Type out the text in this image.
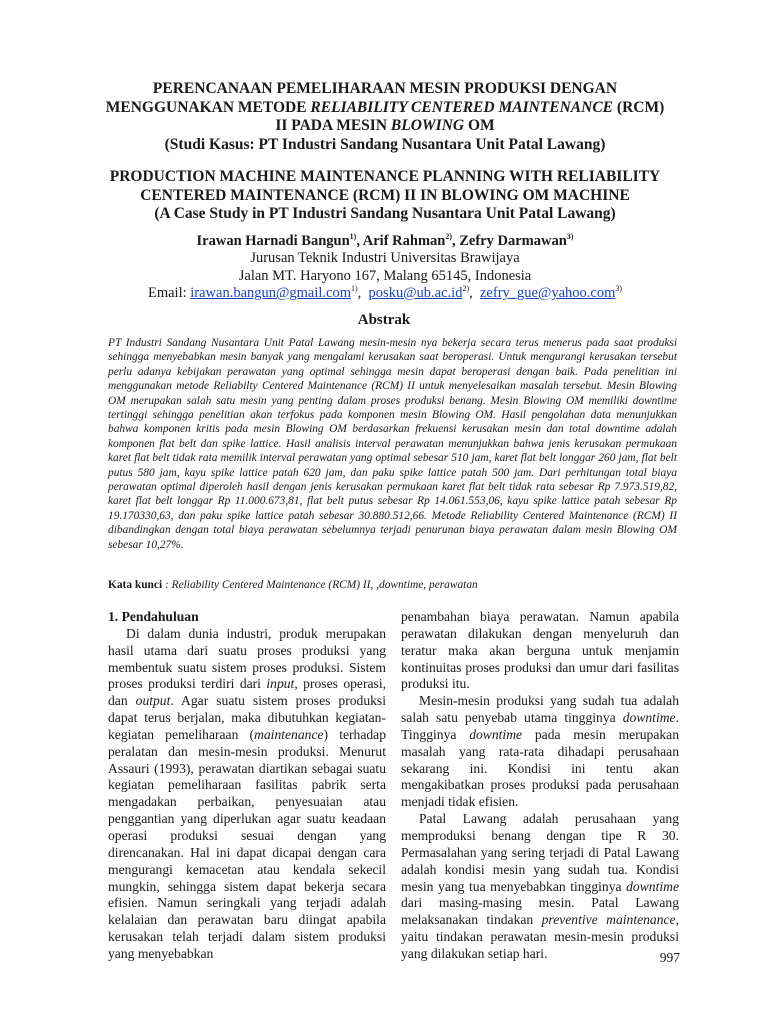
PERENCANAAN PEMELIHARAAN MESIN PRODUKSI DENGAN
MENGGUNAKAN METODE RELIABILITY CENTERED MAINTENANCE (RCM)
II PADA MESIN BLOWING OM
(Studi Kasus: PT Industri Sandang Nusantara Unit Patal Lawang)
PRODUCTION MACHINE MAINTENANCE PLANNING WITH RELIABILITY
CENTERED MAINTENANCE (RCM) II IN BLOWING OM MACHINE
(A Case Study in PT Industri Sandang Nusantara Unit Patal Lawang)
Irawan Harnadi Bangun$^{1)}$, Arif Rahman$^{2)}$, Zefry Darmawan$^{3)}$
Jurusan Teknik Industri Universitas Brawijaya
Jalan MT. Haryono 167, Malang 65145, Indonesia
Email: irawan.bangun@gmail.com$^{1)}$,  $posku@ub.ac.id^{2)}$,  zefry_gue@yahoo.com$^{3)}$
Abstrak

PT Industri Sandang Nusantara Unit Patal Lawang mesin-mesin nya bekerja secara terus menerus pada saat produksi sehingga menyebabkan mesin banyak yang mengalami kerusakan saat beroperasi. Untuk mengurangi kerusakan tersebut perlu adanya kebijakan perawatan yang optimal sehingga mesin dapat beroperasi dengan baik. Pada penelitian ini menggunakan metode Reliabilty Centered Maintenance (RCM) II untuk menyelesaikan masalah tersebut. Mesin Blowing OM merupakan salah satu mesin yang penting dalam proses produksi benang. Mesin Blowing OM memiliki downtime tertinggi sehingga penelitian akan terfokus pada komponen mesin Blowing OM. Hasil pengolahan data menunjukkan bahwa komponen kritis pada mesin Blowing OM berdasarkan frekuensi kerusakan mesin dan total downtime adalah komponen flat belt dan spike lattice. Hasil analisis interval perawatan menunjukkan bahwa jenis kerusakan permukaan karet flat belt tidak rata memilik interval perawatan yang optimal sebesar 510 jam, karet flat belt longgar 260 jam, flat belt putus 580 jam, kayu spike lattice patah 620 jam, dan paku spike lattice patah 500 jam. Dari perhitungan total biaya perawatan optimal diperoleh hasil dengan jenis kerusakan permukaan karet flat belt tidak rata sebesar Rp 7.973.519,82, karet flat belt longgar Rp 11.000.673,81, flat belt putus sebesar Rp 14.061.553,06, kayu spike lattice patah sebesar Rp 19.170330,63, dan paku spike lattice patah sebesar 30.880.512,66. Metode Reliability Centered Maintenance (RCM) II dibandingkan dengan total biaya perawatan sebelumnya terjadi penurunan biaya perawatan dalam mesin Blowing OM sebesar 10,27%.

Kata kunci : Reliability Centered Maintenance (RCM) II, ,downtime, perawatan
1. Pendahuluan

Di dalam dunia industri, produk merupakan hasil utama dari suatu proses produksi yang membentuk suatu sistem proses produksi. Sistem proses produksi terdiri dari input, proses operasi, dan output. Agar suatu sistem proses produksi dapat terus berjalan, maka dibutuhkan kegiatan-kegiatan pemeliharaan (maintenance) terhadap peralatan dan mesin-mesin produksi. Menurut Assauri (1993), perawatan diartikan sebagai suatu kegiatan pemeliharaan fasilitas pabrik serta mengadakan perbaikan, penyesuaian atau penggantian yang diperlukan agar suatu keadaan operasi produksi sesuai dengan yang direncanakan. Hal ini dapat dicapai dengan cara mengurangi kemacetan atau kendala sekecil mungkin, sehingga sistem dapat bekerja secara efisien. Namun seringkali yang terjadi adalah kelalaian dan perawatan baru diingat apabila kerusakan telah terjadi dalam sistem produksi yang menyebabkan

penambahan biaya perawatan. Namun apabila perawatan dilakukan dengan menyeluruh dan teratur maka akan berguna untuk menjamin kontinuitas proses produksi dan umur dari fasilitas produksi itu.

Mesin-mesin produksi yang sudah tua adalah salah satu penyebab utama tingginya downtime. Tingginya downtime pada mesin merupakan masalah yang rata-rata dihadapi perusahaan sekarang ini. Kondisi ini tentu akan mengakibatkan proses produksi pada perusahaan menjadi tidak efisien.

Patal Lawang adalah perusahaan yang memproduksi benang dengan tipe R 30. Permasalahan yang sering terjadi di Patal Lawang adalah kondisi mesin yang sudah tua. Kondisi mesin yang tua menyebabkan tingginya downtime dari masing-masing mesin. Patal Lawang melaksanakan tindakan preventive maintenance, yaitu tindakan perawatan mesin-mesin produksi yang dilakukan setiap hari.	997
